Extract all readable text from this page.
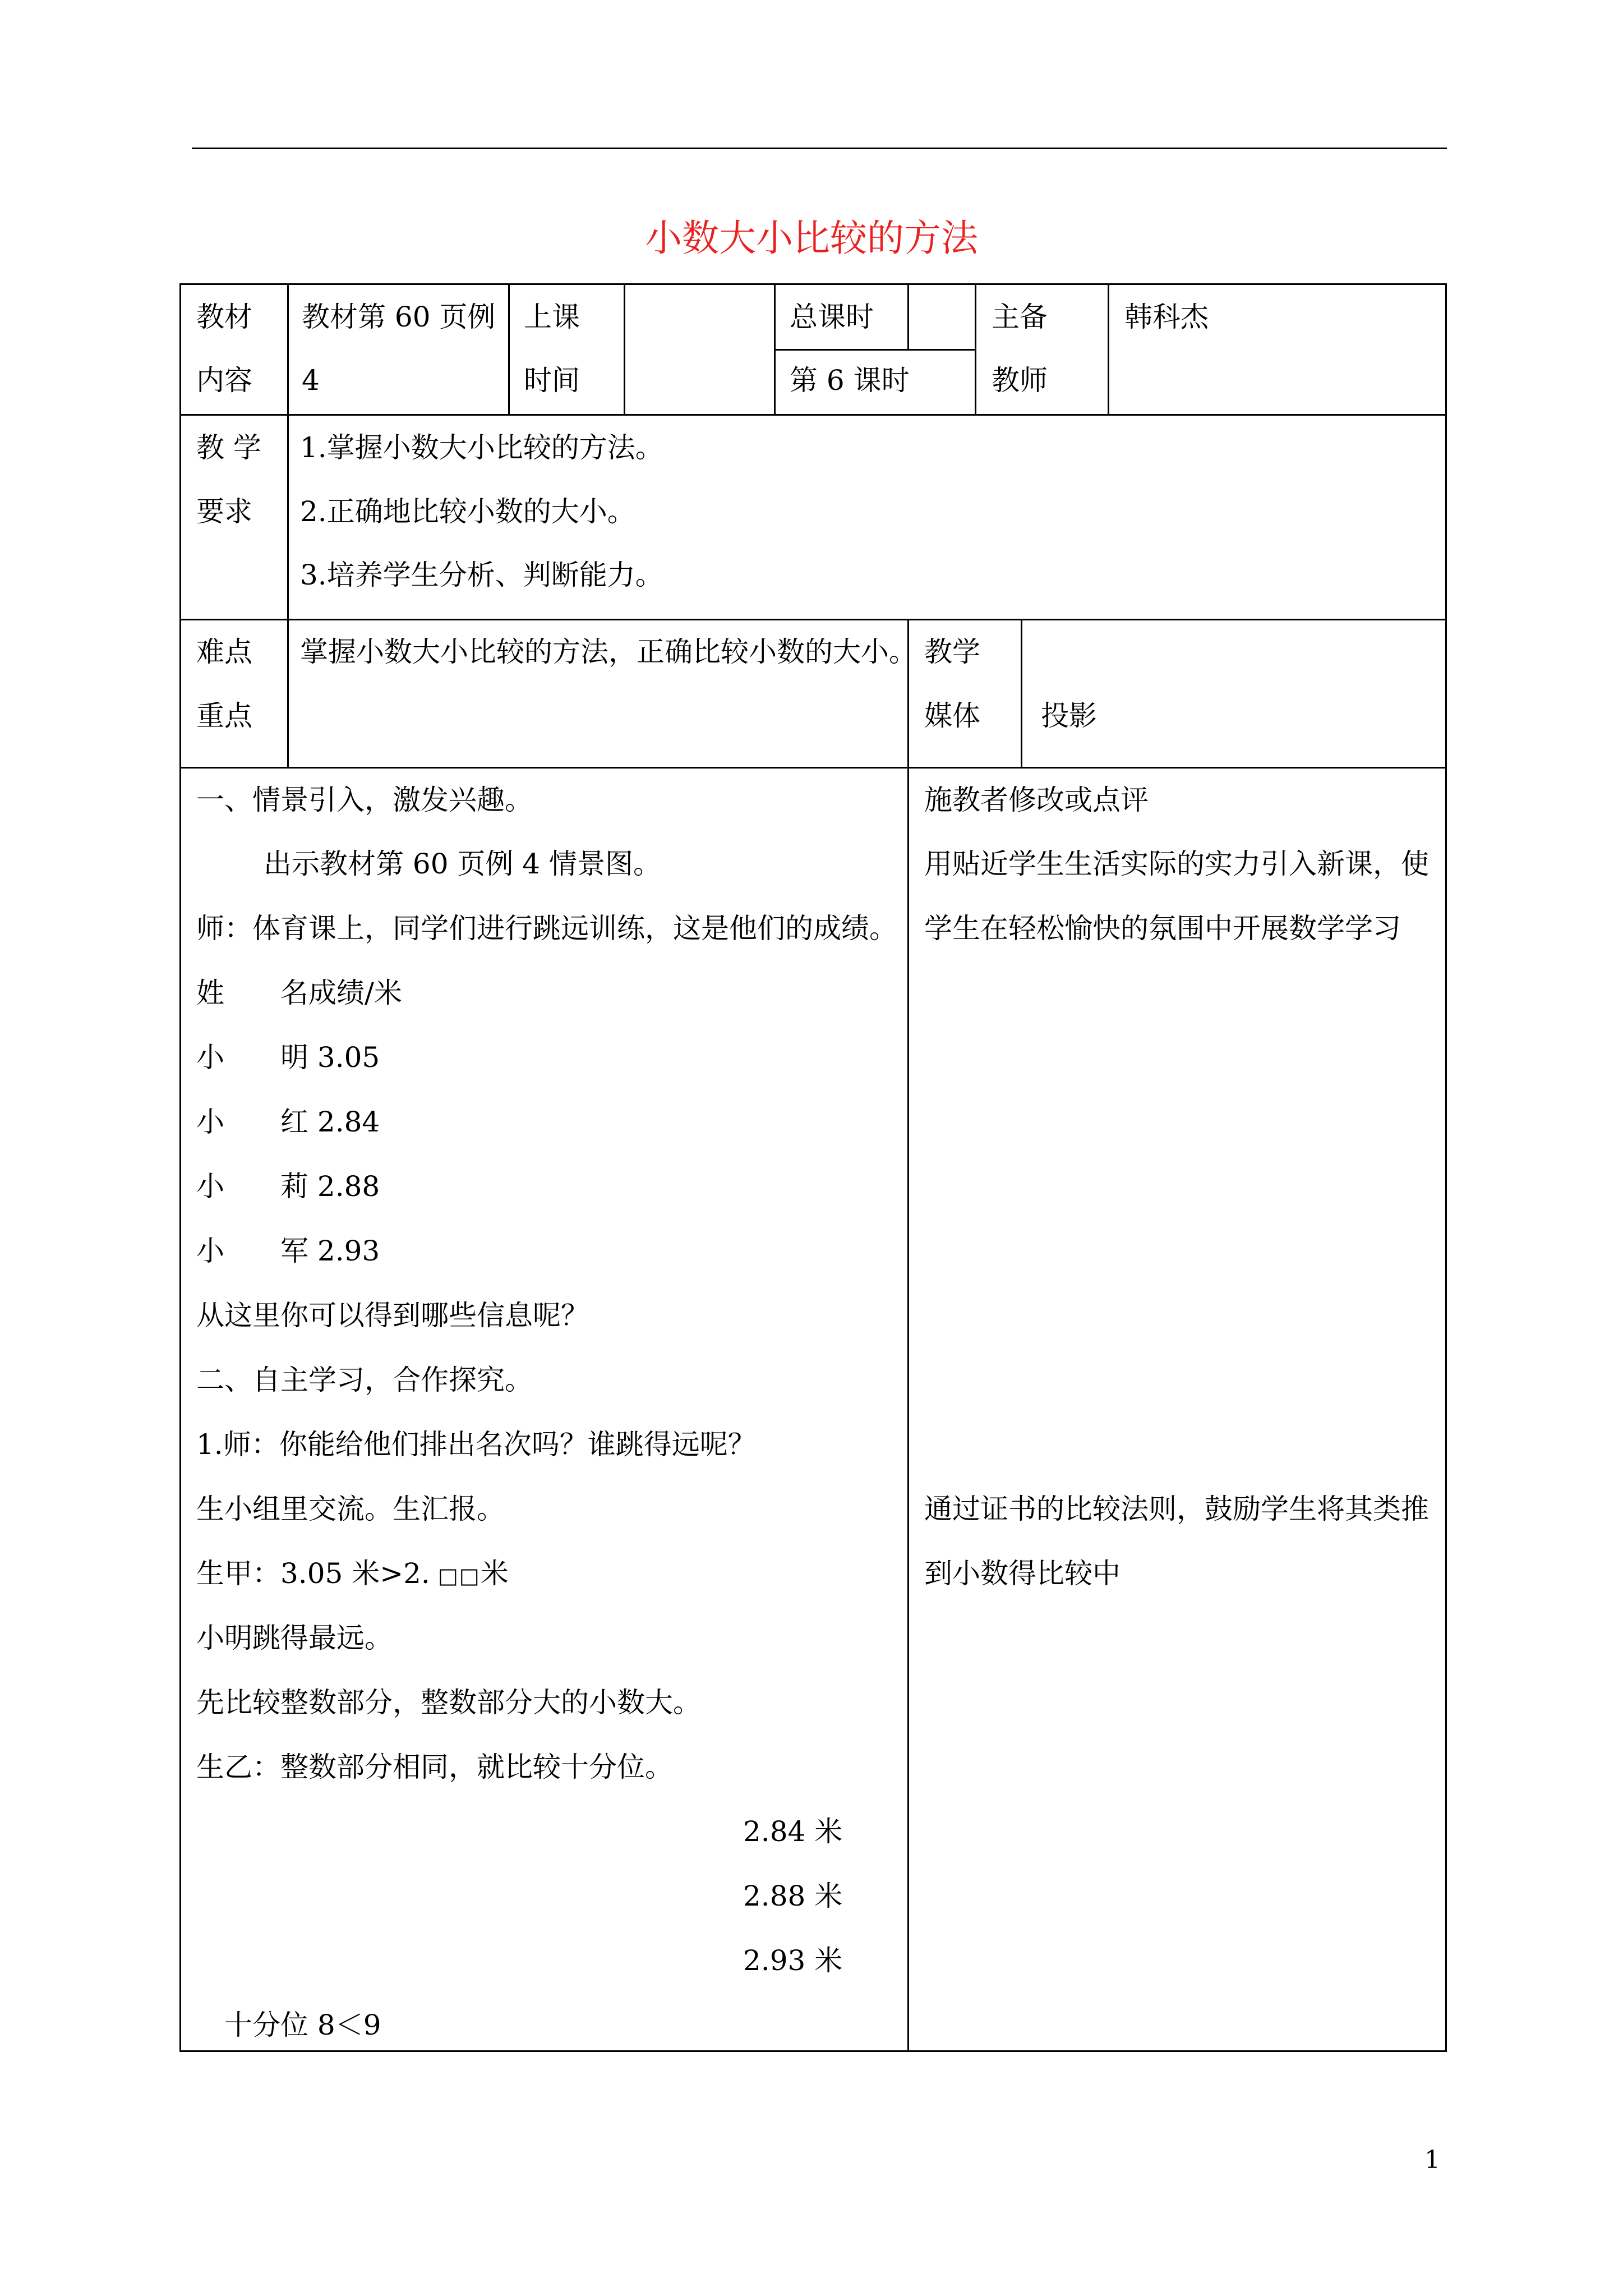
小数大小比较的方法
教材
内容
教材第 60 页例
4
上课
时间
总课时
第 6 课时
主备
教师
韩科杰
教 学
要求
1.掌握小数大小比较的方法。
2.正确地比较小数的大小。
3.培养学生分析、判断能力。
难点
重点
掌握小数大小比较的方法，正确比较小数的大小。 教学
媒体 投影
一、情景引入，激发兴趣。
出示教材第 60 页例 4 情景图。
师：体育课上，同学们进行跳远训练，这是他们的成绩。
姓 名成绩/米
小 明 3.05
小 红 2.84
小 莉 2.88
小 军 2.93
从这里你可以得到哪些信息呢？
二、自主学习，合作探究。
1.师：你能给他们排出名次吗？谁跳得远呢？
生小组里交流。生汇报。
生甲：3.05 米>2. □□米
小明跳得最远。
先比较整数部分，整数部分大的小数大。
生乙：整数部分相同，就比较十分位。
2.84 米
2.88 米
2.93 米
十分位 8＜9
施教者修改或点评
用贴近学生生活实际的实力引入新课，使
学生在轻松愉快的氛围中开展数学学习
通过证书的比较法则，鼓励学生将其类推
到小数得比较中
1
